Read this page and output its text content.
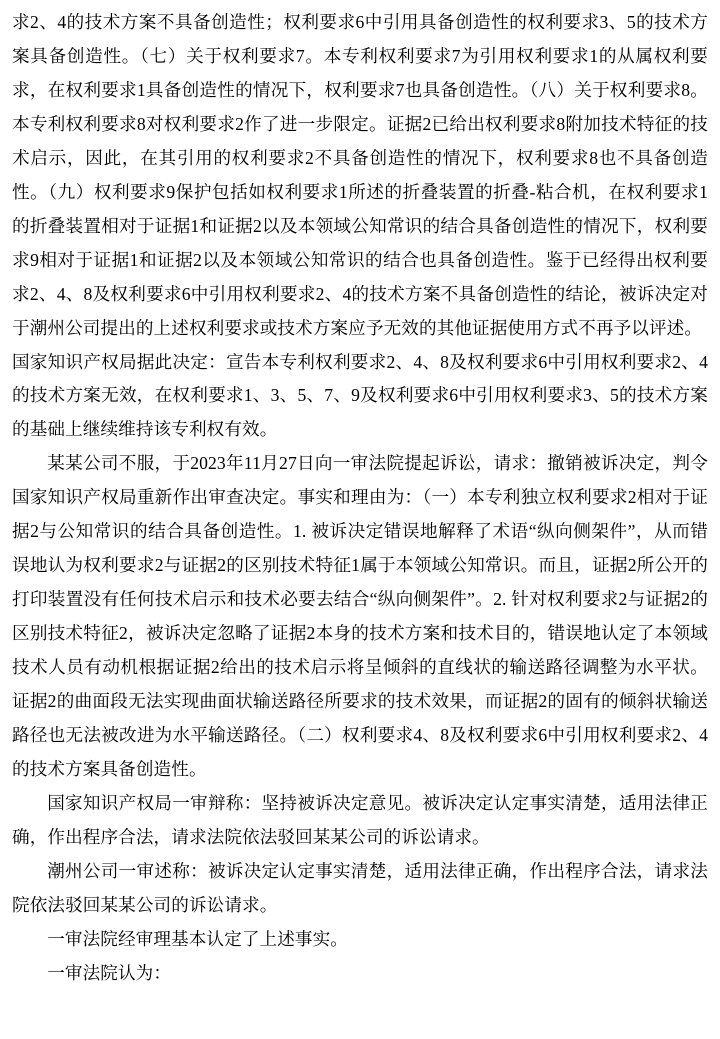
求2、4的技术方案不具备创造性；权利要求6中引用具备创造性的权利要求3、5的技术方案具备创造性。（七）关于权利要求7。本专利权利要求7为引用权利要求1的从属权利要求，在权利要求1具备创造性的情况下，权利要求7也具备创造性。（八）关于权利要求8。本专利权利要求8对权利要求2作了进一步限定。证据2已给出权利要求8附加技术特征的技术启示，因此，在其引用的权利要求2不具备创造性的情况下，权利要求8也不具备创造性。（九）权利要求9保护包括如权利要求1所述的折叠装置的折叠-粘合机，在权利要求1的折叠装置相对于证据1和证据2以及本领域公知常识的结合具备创造性的情况下，权利要求9相对于证据1和证据2以及本领域公知常识的结合也具备创造性。鉴于已经得出权利要求2、4、8及权利要求6中引用权利要求2、4的技术方案不具备创造性的结论，被诉决定对于潮州公司提出的上述权利要求或技术方案应予无效的其他证据使用方式不再予以评述。

国家知识产权局据此决定：宣告本专利权利要求2、4、8及权利要求6中引用权利要求2、4的技术方案无效，在权利要求1、3、5、7、9及权利要求6中引用权利要求3、5的技术方案的基础上继续维持该专利权有效。

某某公司不服，于2023年11月27日向一审法院提起诉讼，请求：撤销被诉决定，判令国家知识产权局重新作出审查决定。事实和理由为：（一）本专利独立权利要求2相对于证据2与公知常识的结合具备创造性。1. 被诉决定错误地解释了术语“纵向侧架件”，从而错误地认为权利要求2与证据2的区别技术特征1属于本领域公知常识。而且，证据2所公开的打印装置没有任何技术启示和技术必要去结合“纵向侧架件”。2. 针对权利要求2与证据2的区别技术特征2，被诉决定忽略了证据2本身的技术方案和技术目的，错误地认定了本领域技术人员有动机根据证据2给出的技术启示将呈倾斜的直线状的输送路径调整为水平状。证据2的曲面段无法实现曲面状输送路径所要求的技术效果，而证据2的固有的倾斜状输送路径也无法被改进为水平输送路径。（二）权利要求4、8及权利要求6中引用权利要求2、4的技术方案具备创造性。

国家知识产权局一审辩称：坚持被诉决定意见。被诉决定认定事实清楚，适用法律正确，作出程序合法，请求法院依法驳回某某公司的诉讼请求。

潮州公司一审述称：被诉决定认定事实清楚，适用法律正确，作出程序合法，请求法院依法驳回某某公司的诉讼请求。

一审法院经审理基本认定了上述事实。

一审法院认为：
